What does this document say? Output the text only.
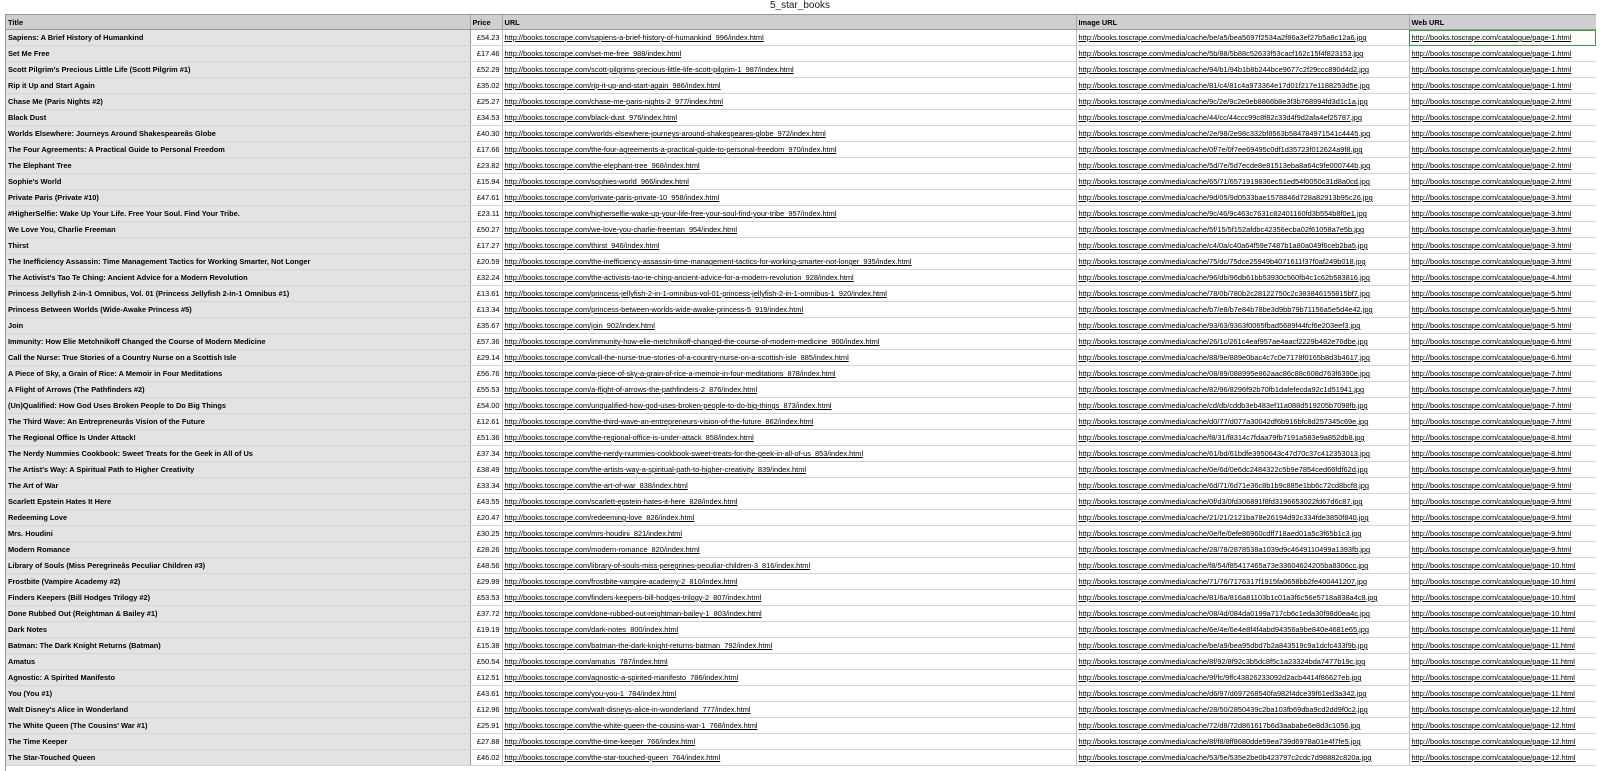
5_star_books
Title	Price	URL	Image URL	Web URL
Sapiens: A Brief History of Humankind	£54.23	http://books.toscrape.com/sapiens-a-brief-history-of-humankind_996/index.html	http://books.toscrape.com/media/cache/be/a5/bea5697f2534a2f86a3ef27b5a8c12a6.jpg	http://books.toscrape.com/catalogue/page-1.html
Set Me Free	£17.46	http://books.toscrape.com/set-me-free_988/index.html	http://books.toscrape.com/media/cache/5b/88/5b88c52633f53cacf162c15f4f823153.jpg	http://books.toscrape.com/catalogue/page-1.html
Scott Pilgrim's Precious Little Life (Scott Pilgrim #1)	£52.29	http://books.toscrape.com/scott-pilgrims-precious-little-life-scott-pilgrim-1_987/index.html	http://books.toscrape.com/media/cache/94/b1/94b1b8b244bce9677c2f29ccc890d4d2.jpg	http://books.toscrape.com/catalogue/page-1.html
Rip it Up and Start Again	£35.02	http://books.toscrape.com/rip-it-up-and-start-again_986/index.html	http://books.toscrape.com/media/cache/81/c4/81c4a973364e17d01f217e1188253d5e.jpg	http://books.toscrape.com/catalogue/page-1.html
Chase Me (Paris Nights #2)	£25.27	http://books.toscrape.com/chase-me-paris-nights-2_977/index.html	http://books.toscrape.com/media/cache/9c/2e/9c2e0eb8866b8e3f3b768994fd3d1c1a.jpg	http://books.toscrape.com/catalogue/page-2.html
Black Dust	£34.53	http://books.toscrape.com/black-dust_976/index.html	http://books.toscrape.com/media/cache/44/cc/44ccc99c8f82c33d4f9d2afa4ef25787.jpg	http://books.toscrape.com/catalogue/page-2.html
Worlds Elsewhere: Journeys Around Shakespeareâs Globe	£40.30	http://books.toscrape.com/worlds-elsewhere-journeys-around-shakespeares-globe_972/index.html	http://books.toscrape.com/media/cache/2e/98/2e98c332bf8563b584784971541c4445.jpg	http://books.toscrape.com/catalogue/page-2.html
The Four Agreements: A Practical Guide to Personal Freedom	£17.66	http://books.toscrape.com/the-four-agreements-a-practical-guide-to-personal-freedom_970/index.html	http://books.toscrape.com/media/cache/0f/7e/0f7ee69495c0df1d35723f012624a9f8.jpg	http://books.toscrape.com/catalogue/page-2.html
The Elephant Tree	£23.82	http://books.toscrape.com/the-elephant-tree_968/index.html	http://books.toscrape.com/media/cache/5d/7e/5d7ecde8e81513eba8a64c9fe000744b.jpg	http://books.toscrape.com/catalogue/page-2.html
Sophie's World	£15.94	http://books.toscrape.com/sophies-world_966/index.html	http://books.toscrape.com/media/cache/65/71/6571919836ec51ed54f0050c31d8a0cd.jpg	http://books.toscrape.com/catalogue/page-2.html
Private Paris (Private #10)	£47.61	http://books.toscrape.com/private-paris-private-10_958/index.html	http://books.toscrape.com/media/cache/9d/05/9d0533bae1578846d728a82913b95c26.jpg	http://books.toscrape.com/catalogue/page-3.html
#HigherSelfie: Wake Up Your Life. Free Your Soul. Find Your Tribe.	£23.11	http://books.toscrape.com/higherselfie-wake-up-your-life-free-your-soul-find-your-tribe_957/index.html	http://books.toscrape.com/media/cache/9c/46/9c463c7631c82401160fd3b554b8f0e1.jpg	http://books.toscrape.com/catalogue/page-3.html
We Love You, Charlie Freeman	£50.27	http://books.toscrape.com/we-love-you-charlie-freeman_954/index.html	http://books.toscrape.com/media/cache/5f/15/5f152afdbc42356ecba02f61058a7e5b.jpg	http://books.toscrape.com/catalogue/page-3.html
Thirst	£17.27	http://books.toscrape.com/thirst_946/index.html	http://books.toscrape.com/media/cache/c4/0a/c40a64f59e7487b1a80a049f6ceb2ba5.jpg	http://books.toscrape.com/catalogue/page-3.html
The Inefficiency Assassin: Time Management Tactics for Working Smarter, Not Longer	£20.59	http://books.toscrape.com/the-inefficiency-assassin-time-management-tactics-for-working-smarter-not-longer_935/index.html	http://books.toscrape.com/media/cache/75/dc/75dce25949b4071611f37f0af249b018.jpg	http://books.toscrape.com/catalogue/page-3.html
The Activist's Tao Te Ching: Ancient Advice for a Modern Revolution	£32.24	http://books.toscrape.com/the-activists-tao-te-ching-ancient-advice-for-a-modern-revolution_928/index.html	http://books.toscrape.com/media/cache/96/db/96db61bb53930c560fb4c1c62b583816.jpg	http://books.toscrape.com/catalogue/page-4.html
Princess Jellyfish 2-in-1 Omnibus, Vol. 01 (Princess Jellyfish 2-in-1 Omnibus #1)	£13.61	http://books.toscrape.com/princess-jellyfish-2-in-1-omnibus-vol-01-princess-jellyfish-2-in-1-omnibus-1_920/index.html	http://books.toscrape.com/media/cache/78/0b/780b2c28122750c2c383846155815bf7.jpg	http://books.toscrape.com/catalogue/page-5.html
Princess Between Worlds (Wide-Awake Princess #5)	£13.34	http://books.toscrape.com/princess-between-worlds-wide-awake-princess-5_919/index.html	http://books.toscrape.com/media/cache/b7/e8/b7e84b78be3d9bb79b71156a5e5d4e42.jpg	http://books.toscrape.com/catalogue/page-5.html
Join	£35.67	http://books.toscrape.com/join_902/index.html	http://books.toscrape.com/media/cache/93/63/9363f0065fbad5689f44fcf6e203eef3.jpg	http://books.toscrape.com/catalogue/page-5.html
Immunity: How Elie Metchnikoff Changed the Course of Modern Medicine	£57.36	http://books.toscrape.com/immunity-how-elie-metchnikoff-changed-the-course-of-modern-medicine_900/index.html	http://books.toscrape.com/media/cache/26/1c/261c4eaf957ae4aacf2229b482e76dbe.jpg	http://books.toscrape.com/catalogue/page-6.html
Call the Nurse: True Stories of a Country Nurse on a Scottish Isle	£29.14	http://books.toscrape.com/call-the-nurse-true-stories-of-a-country-nurse-on-a-scottish-isle_885/index.html	http://books.toscrape.com/media/cache/88/9e/889e0bac4c7c0e7178f0165b8d3b4617.jpg	http://books.toscrape.com/catalogue/page-6.html
A Piece of Sky, a Grain of Rice: A Memoir in Four Meditations	£56.76	http://books.toscrape.com/a-piece-of-sky-a-grain-of-rice-a-memoir-in-four-meditations_878/index.html	http://books.toscrape.com/media/cache/08/89/088995e862aac86c88c608d763f6390e.jpg	http://books.toscrape.com/catalogue/page-7.html
A Flight of Arrows (The Pathfinders #2)	£55.53	http://books.toscrape.com/a-flight-of-arrows-the-pathfinders-2_876/index.html	http://books.toscrape.com/media/cache/82/96/8296f92b70fb1dafefecda92c1d51941.jpg	http://books.toscrape.com/catalogue/page-7.html
(Un)Qualified: How God Uses Broken People to Do Big Things	£54.00	http://books.toscrape.com/unqualified-how-god-uses-broken-people-to-do-big-things_873/index.html	http://books.toscrape.com/media/cache/cd/db/cddb3eb483ef11a088d519205b7098fb.jpg	http://books.toscrape.com/catalogue/page-7.html
The Third Wave: An Entrepreneurâs Vision of the Future	£12.61	http://books.toscrape.com/the-third-wave-an-entrepreneurs-vision-of-the-future_862/index.html	http://books.toscrape.com/media/cache/d0/77/d077a30042df6b916bfc8d257345c69e.jpg	http://books.toscrape.com/catalogue/page-7.html
The Regional Office Is Under Attack!	£51.36	http://books.toscrape.com/the-regional-office-is-under-attack_858/index.html	http://books.toscrape.com/media/cache/f8/31/f8314c7fdaa79fb7191a583e9a852db8.jpg	http://books.toscrape.com/catalogue/page-8.html
The Nerdy Nummies Cookbook: Sweet Treats for the Geek in All of Us	£37.34	http://books.toscrape.com/the-nerdy-nummies-cookbook-sweet-treats-for-the-geek-in-all-of-us_853/index.html	http://books.toscrape.com/media/cache/61/bd/61bdfe3950643c47d70c37c412353013.jpg	http://books.toscrape.com/catalogue/page-8.html
The Artist's Way: A Spiritual Path to Higher Creativity	£38.49	http://books.toscrape.com/the-artists-way-a-spiritual-path-to-higher-creativity_839/index.html	http://books.toscrape.com/media/cache/0e/6d/0e6dc2484322c5b9e7854ced66fdf62d.jpg	http://books.toscrape.com/catalogue/page-9.html
The Art of War	£33.34	http://books.toscrape.com/the-art-of-war_838/index.html	http://books.toscrape.com/media/cache/6d/71/6d71e36c8b1b9c885e1bb6c72cd8bcf8.jpg	http://books.toscrape.com/catalogue/page-9.html
Scarlett Epstein Hates It Here	£43.55	http://books.toscrape.com/scarlett-epstein-hates-it-here_828/index.html	http://books.toscrape.com/media/cache/0f/d3/0fd306891f8fd3196653022fd67d6c87.jpg	http://books.toscrape.com/catalogue/page-9.html
Redeeming Love	£20.47	http://books.toscrape.com/redeeming-love_826/index.html	http://books.toscrape.com/media/cache/21/21/2121ba78e26194d92c334fde3850f840.jpg	http://books.toscrape.com/catalogue/page-9.html
Mrs. Houdini	£30.25	http://books.toscrape.com/mrs-houdini_821/index.html	http://books.toscrape.com/media/cache/0e/fe/0efe86960cdff718aed01a5c3f65b1c3.jpg	http://books.toscrape.com/catalogue/page-9.html
Modern Romance	£28.26	http://books.toscrape.com/modern-romance_820/index.html	http://books.toscrape.com/media/cache/28/78/2878538a1039d9c4649110499a1393fb.jpg	http://books.toscrape.com/catalogue/page-9.html
Library of Souls (Miss Peregrineâs Peculiar Children #3)	£48.56	http://books.toscrape.com/library-of-souls-miss-peregrines-peculiar-children-3_816/index.html	http://books.toscrape.com/media/cache/f8/54/f85417465a73e33604624205ba8306cc.jpg	http://books.toscrape.com/catalogue/page-10.html
Frostbite (Vampire Academy #2)	£29.99	http://books.toscrape.com/frostbite-vampire-academy-2_810/index.html	http://books.toscrape.com/media/cache/71/76/7176317f1915fa0658bb2fe400441207.jpg	http://books.toscrape.com/catalogue/page-10.html
Finders Keepers (Bill Hodges Trilogy #2)	£53.53	http://books.toscrape.com/finders-keepers-bill-hodges-trilogy-2_807/index.html	http://books.toscrape.com/media/cache/81/6a/816a81103b1c01a3f6c56e5718a838a4c8.jpg	http://books.toscrape.com/catalogue/page-10.html
Done Rubbed Out (Reightman & Bailey #1)	£37.72	http://books.toscrape.com/done-rubbed-out-reightman-bailey-1_803/index.html	http://books.toscrape.com/media/cache/08/4d/084da0199a717cb6c1eda30f98d0ea4c.jpg	http://books.toscrape.com/catalogue/page-10.html
Dark Notes	£19.19	http://books.toscrape.com/dark-notes_800/index.html	http://books.toscrape.com/media/cache/6e/4e/6e4e8f4f4abd94356a9be840e4681e65.jpg	http://books.toscrape.com/catalogue/page-11.html
Batman: The Dark Knight Returns (Batman)	£15.38	http://books.toscrape.com/batman-the-dark-knight-returns-batman_792/index.html	http://books.toscrape.com/media/cache/be/a9/bea95dbd7b2a843519c9a1dcfc433f9b.jpg	http://books.toscrape.com/catalogue/page-11.html
Amatus	£50.54	http://books.toscrape.com/amatus_787/index.html	http://books.toscrape.com/media/cache/8f/92/8f92c3b5dc8f5c1a23324bda7477b19c.jpg	http://books.toscrape.com/catalogue/page-11.html
Agnostic: A Spirited Manifesto	£12.51	http://books.toscrape.com/agnostic-a-spirited-manifesto_786/index.html	http://books.toscrape.com/media/cache/9f/fc/9ffc43826233092d2acb4414f86627eb.jpg	http://books.toscrape.com/catalogue/page-11.html
You (You #1)	£43.61	http://books.toscrape.com/you-you-1_784/index.html	http://books.toscrape.com/media/cache/d6/97/d697268540fa982f4dce39f61ed3a342.jpg	http://books.toscrape.com/catalogue/page-11.html
Walt Disney's Alice in Wonderland	£12.96	http://books.toscrape.com/walt-disneys-alice-in-wonderland_777/index.html	http://books.toscrape.com/media/cache/28/50/2850439c2ba103fb69dba9cd2dd9f0c2.jpg	http://books.toscrape.com/catalogue/page-12.html
The White Queen (The Cousins' War #1)	£25.91	http://books.toscrape.com/the-white-queen-the-cousins-war-1_768/index.html	http://books.toscrape.com/media/cache/72/d8/72d861617b6d3aababe6e8d3c1056.jpg	http://books.toscrape.com/catalogue/page-12.html
The Time Keeper	£27.88	http://books.toscrape.com/the-time-keeper_766/index.html	http://books.toscrape.com/media/cache/8f/f8/8ff8680dde59ea739d6978a01e4f7fe5.jpg	http://books.toscrape.com/catalogue/page-12.html
The Star-Touched Queen	£46.02	http://books.toscrape.com/the-star-touched-queen_764/index.html	http://books.toscrape.com/media/cache/53/5e/535e2be0b423797c2cdc7d98882c820a.jpg	http://books.toscrape.com/catalogue/page-12.html
